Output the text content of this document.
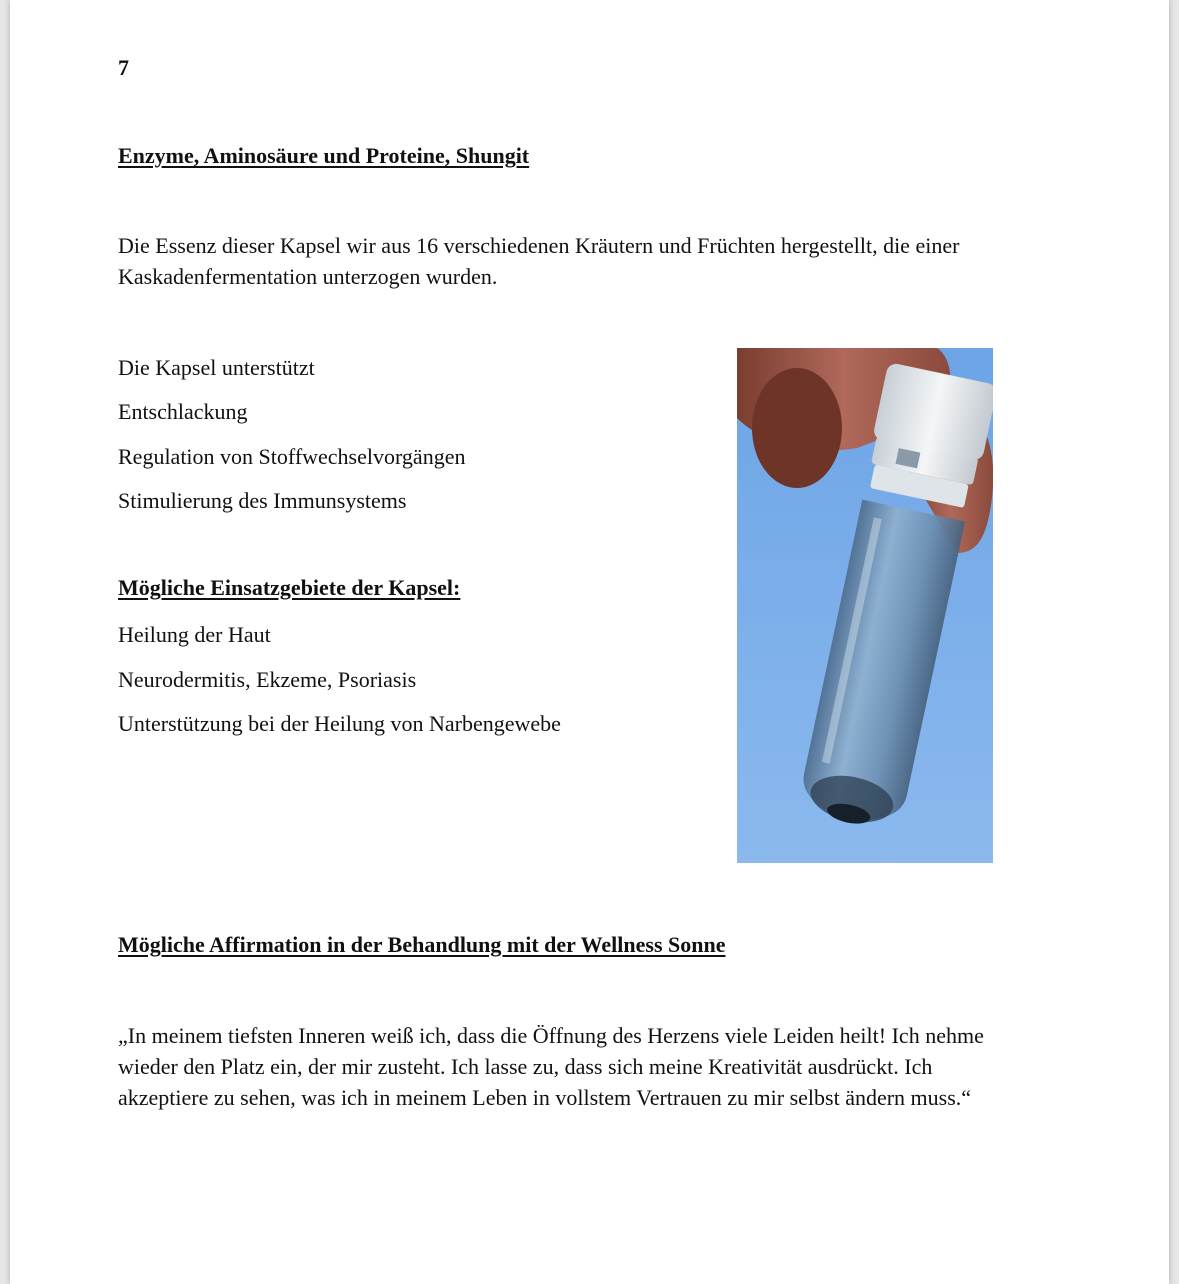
7

Enzyme, Aminosäure und Proteine, Shungit

Die Essenz dieser Kapsel wir aus 16 verschiedenen Kräutern und Früchten hergestellt, die einer

Kaskadenfermentation unterzogen wurden.

Die Kapsel unterstützt

Entschlackung

Regulation von Stoffwechselvorgängen

Stimulierung des Immunsystems

Mögliche Einsatzgebiete der Kapsel:

Heilung der Haut

Neurodermitis, Ekzeme, Psoriasis

Unterstützung bei der Heilung von Narbengewebe

Mögliche Affirmation in der Behandlung mit der Wellness Sonne

„In meinem tiefsten Inneren weiß ich, dass die Öffnung des Herzens viele Leiden heilt! Ich nehme

wieder den Platz ein, der mir zusteht. Ich lasse zu, dass sich meine Kreativität ausdrückt. Ich

akzeptiere zu sehen, was ich in meinem Leben in vollstem Vertrauen zu mir selbst ändern muss.“
